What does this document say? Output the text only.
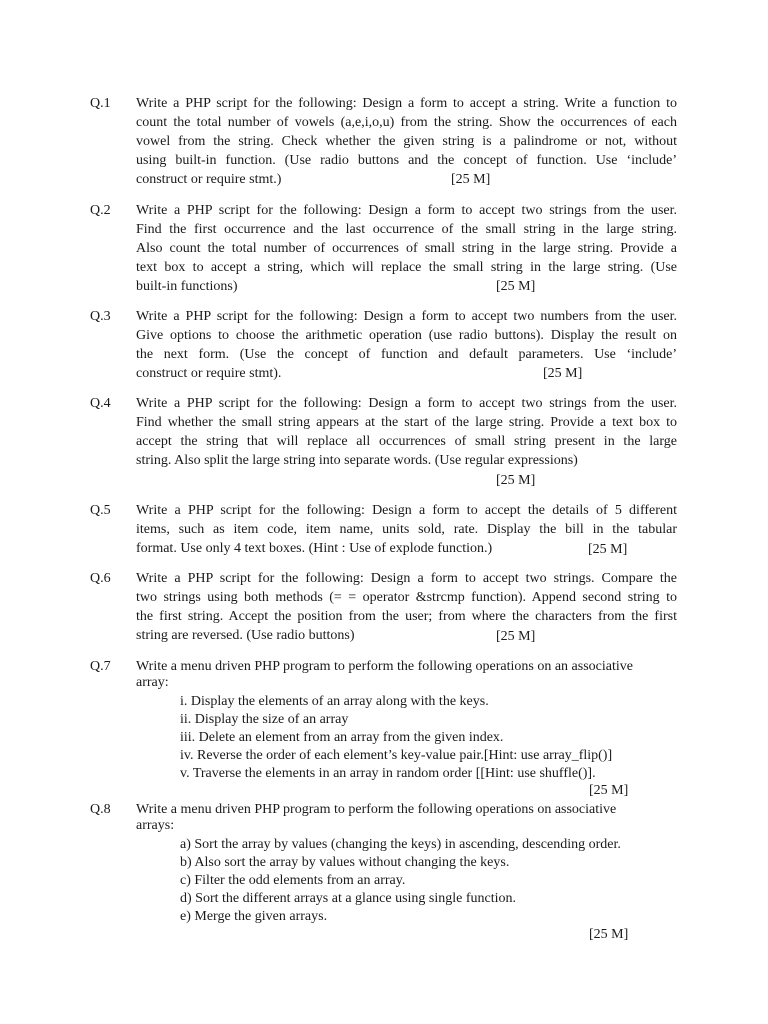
Q.1 Write a PHP script for the following: Design a form to accept a string. Write a function to
count the total number of vowels (a,e,i,o,u) from the string. Show the occurrences of each
vowel from the string. Check whether the given string is a palindrome or not, without
using built-in function. (Use radio buttons and the concept of function. Use ‘include’
construct or require stmt.)	[25 M]
Q.2 Write a PHP script for the following: Design a form to accept two strings from the user.
Find the first occurrence and the last occurrence of the small string in the large string.
Also count the total number of occurrences of small string in the large string. Provide a
text box to accept a string, which will replace the small string in the large string. (Use
built-in functions)	[25 M]
Q.3 Write a PHP script for the following: Design a form to accept two numbers from the user.
Give options to choose the arithmetic operation (use radio buttons). Display the result on
the next form. (Use the concept of function and default parameters. Use ‘include’
construct or require stmt).	[25 M]
Q.4 Write a PHP script for the following: Design a form to accept two strings from the user.
Find whether the small string appears at the start of the large string. Provide a text box to
accept the string that will replace all occurrences of small string present in the large
string. Also split the large string into separate words. (Use regular expressions)
[25 M]
Q.5 Write a PHP script for the following: Design a form to accept the details of 5 different
items, such as item code, item name, units sold, rate. Display the bill in the tabular
format. Use only 4 text boxes. (Hint : Use of explode function.)	[25 M]
Q.6 Write a PHP script for the following: Design a form to accept two strings. Compare the
two strings using both methods (= = operator &strcmp function). Append second string to
the first string. Accept the position from the user; from where the characters from the first
string are reversed. (Use radio buttons)	[25 M]
Q.7 Write a menu driven PHP program to perform the following operations on an associative
array:
i. Display the elements of an array along with the keys.
ii. Display the size of an array
iii. Delete an element from an array from the given index.
iv. Reverse the order of each element’s key-value pair.[Hint: use array_flip()]
v. Traverse the elements in an array in random order [[Hint: use shuffle()].
[25 M]
Q.8 Write a menu driven PHP program to perform the following operations on associative
arrays:
a) Sort the array by values (changing the keys) in ascending, descending order.
b) Also sort the array by values without changing the keys.
c) Filter the odd elements from an array.
d) Sort the different arrays at a glance using single function.
e) Merge the given arrays.
[25 M]
